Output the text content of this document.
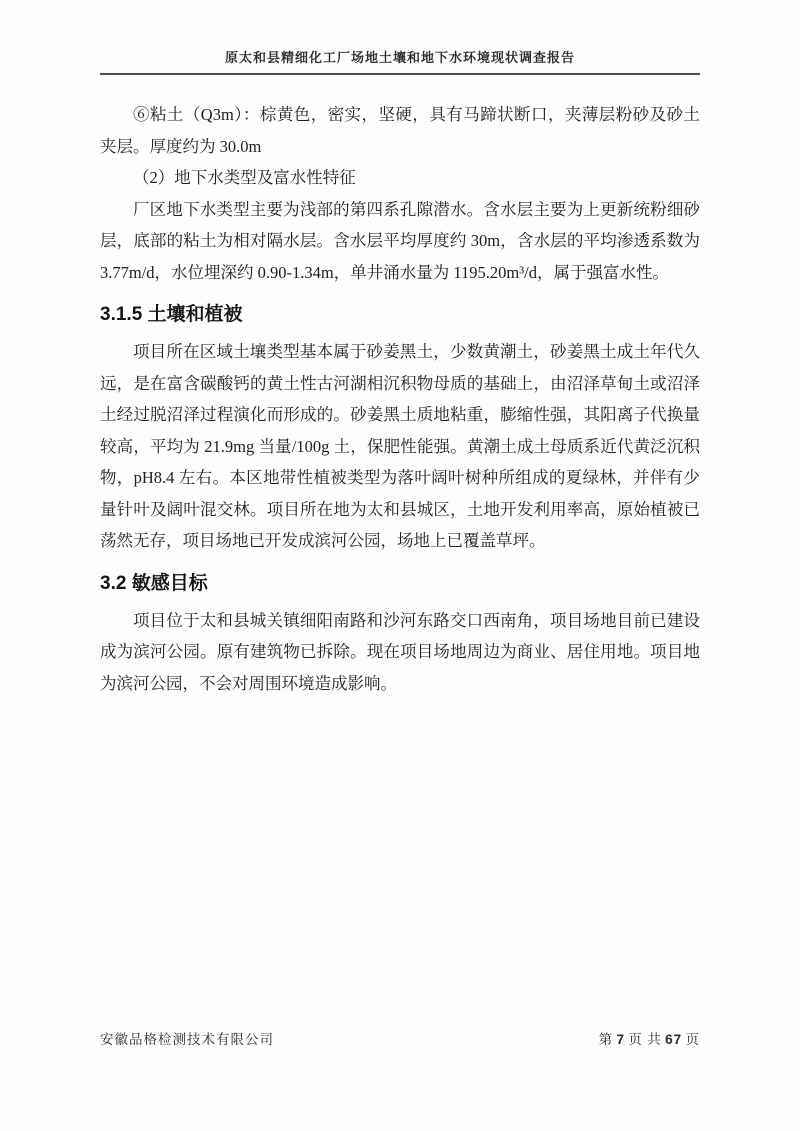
原太和县精细化工厂场地土壤和地下水环境现状调查报告

⑥粘土（Q3m）：棕黄色，密实，坚硬，具有马蹄状断口，夹薄层粉砂及砂土夹层。厚度约为 30.0m

（2）地下水类型及富水性特征

厂区地下水类型主要为浅部的第四系孔隙潜水。含水层主要为上更新统粉细砂层，底部的粘土为相对隔水层。含水层平均厚度约 30m，含水层的平均渗透系数为 3.77m/d，水位埋深约 0.90-1.34m，单井涌水量为 1195.20m³/d，属于强富水性。

3.1.5 土壤和植被

项目所在区域土壤类型基本属于砂姜黑土，少数黄潮土，砂姜黑土成土年代久远，是在富含碳酸钙的黄土性古河湖相沉积物母质的基础上，由沼泽草甸土或沼泽土经过脱沼泽过程演化而形成的。砂姜黑土质地粘重，膨缩性强，其阳离子代换量较高，平均为 21.9mg 当量/100g 土，保肥性能强。黄潮土成土母质系近代黄泛沉积物，pH8.4 左右。本区地带性植被类型为落叶阔叶树种所组成的夏绿林，并伴有少量针叶及阔叶混交林。项目所在地为太和县城区，土地开发利用率高，原始植被已荡然无存，项目场地已开发成滨河公园，场地上已覆盖草坪。

3.2 敏感目标

项目位于太和县城关镇细阳南路和沙河东路交口西南角，项目场地目前已建设成为滨河公园。原有建筑物已拆除。现在项目场地周边为商业、居住用地。项目地为滨河公园，不会对周围环境造成影响。

安徽品格检测技术有限公司	第 7 页 共 67 页
